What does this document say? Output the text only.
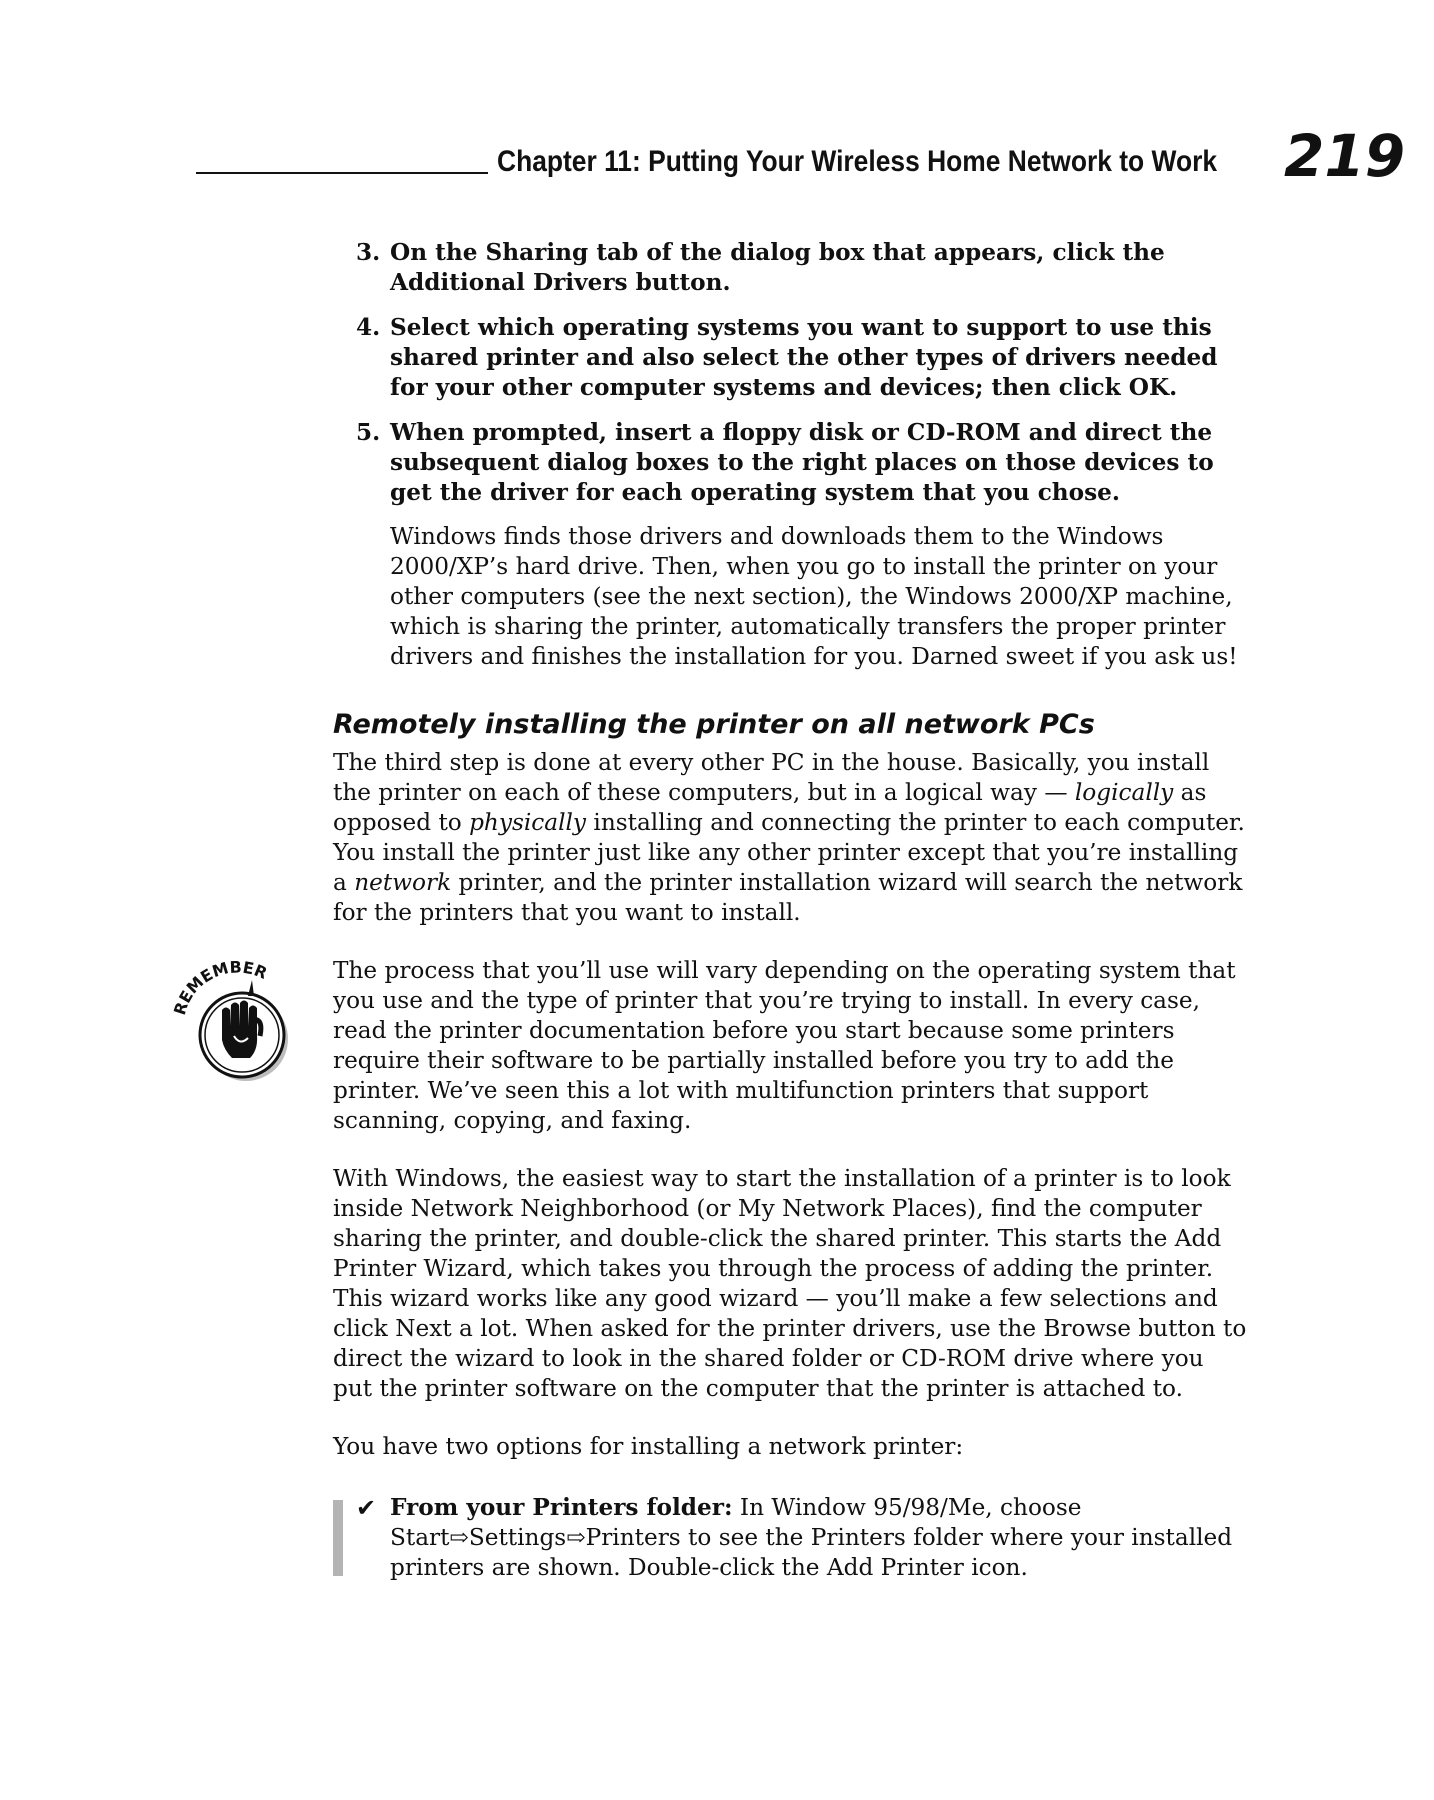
Chapter 11: Putting Your Wireless Home Network to Work 219
3. On the Sharing tab of the dialog box that appears, click the Additional Drivers button.
4. Select which operating systems you want to support to use this shared printer and also select the other types of drivers needed for your other computer systems and devices; then click OK.
5. When prompted, insert a floppy disk or CD-ROM and direct the subsequent dialog boxes to the right places on those devices to get the driver for each operating system that you chose.
Windows finds those drivers and downloads them to the Windows 2000/XP’s hard drive. Then, when you go to install the printer on your other computers (see the next section), the Windows 2000/XP machine, which is sharing the printer, automatically transfers the proper printer drivers and finishes the installation for you. Darned sweet if you ask us!
Remotely installing the printer on all network PCs
The third step is done at every other PC in the house. Basically, you install the printer on each of these computers, but in a logical way — logically as opposed to physically installing and connecting the printer to each computer. You install the printer just like any other printer except that you’re installing a network printer, and the printer installation wizard will search the network for the printers that you want to install.
REMEMBER	The process that you’ll use will vary depending on the operating system that you use and the type of printer that you’re trying to install. In every case, read the printer documentation before you start because some printers require their software to be partially installed before you try to add the printer. We’ve seen this a lot with multifunction printers that support scanning, copying, and faxing.
With Windows, the easiest way to start the installation of a printer is to look inside Network Neighborhood (or My Network Places), find the computer sharing the printer, and double-click the shared printer. This starts the Add Printer Wizard, which takes you through the process of adding the printer. This wizard works like any good wizard — you’ll make a few selections and click Next a lot. When asked for the printer drivers, use the Browse button to direct the wizard to look in the shared folder or CD-ROM drive where you put the printer software on the computer that the printer is attached to.
You have two options for installing a network printer:
✔ From your Printers folder: In Window 95/98/Me, choose Start⇨Settings⇨Printers to see the Printers folder where your installed printers are shown. Double-click the Add Printer icon.
